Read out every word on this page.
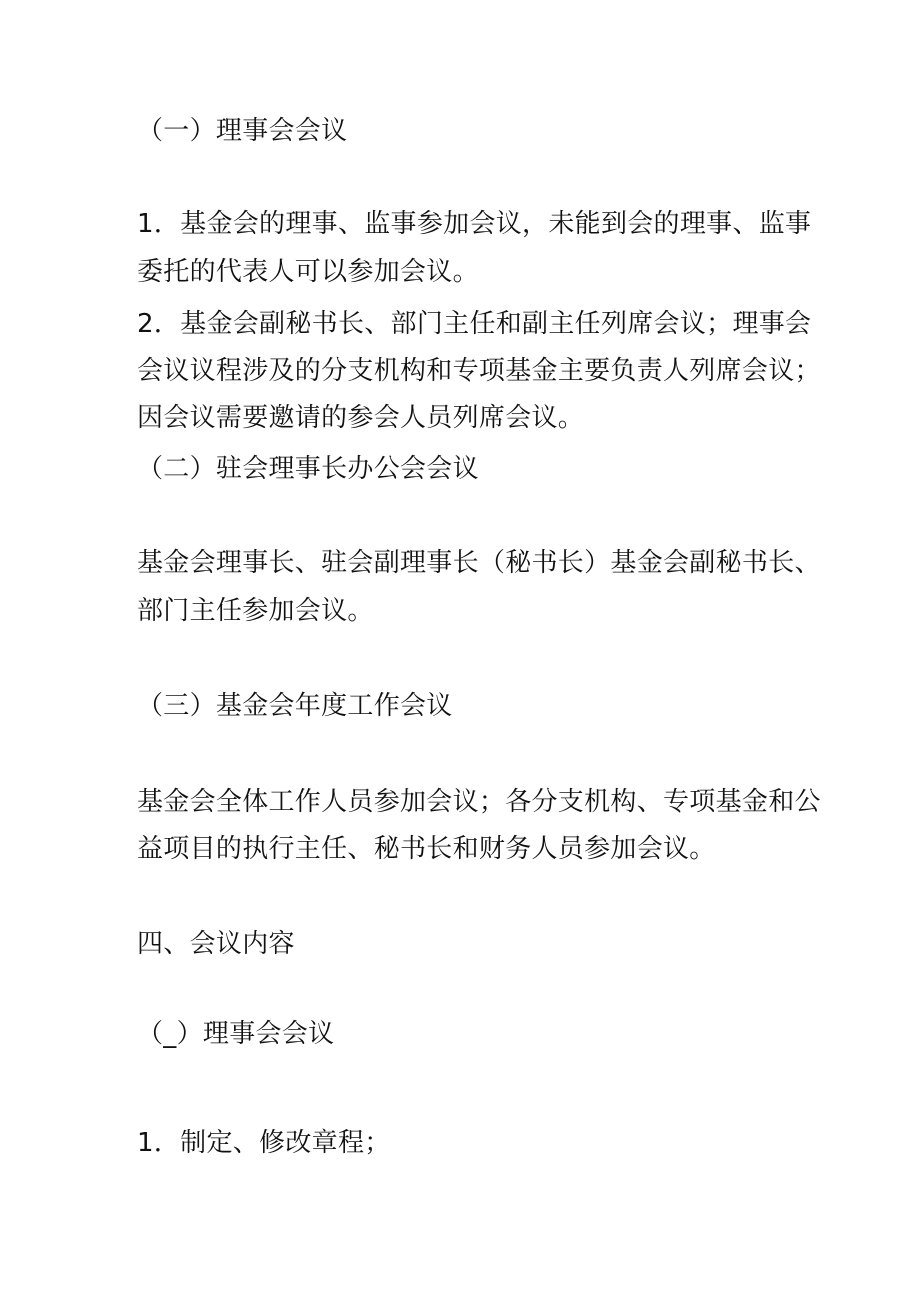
（一）理事会会议
1．基金会的理事、监事参加会议，未能到会的理事、监事
委托的代表人可以参加会议。
2．基金会副秘书长、部门主任和副主任列席会议；理事会
会议议程涉及的分支机构和专项基金主要负责人列席会议；
因会议需要邀请的参会人员列席会议。
（二）驻会理事长办公会会议
基金会理事长、驻会副理事长（秘书长）基金会副秘书长、
部门主任参加会议。
（三）基金会年度工作会议
基金会全体工作人员参加会议；各分支机构、专项基金和公
益项目的执行主任、秘书长和财务人员参加会议。
四、会议内容
（_）理事会会议
1．制定、修改章程；
